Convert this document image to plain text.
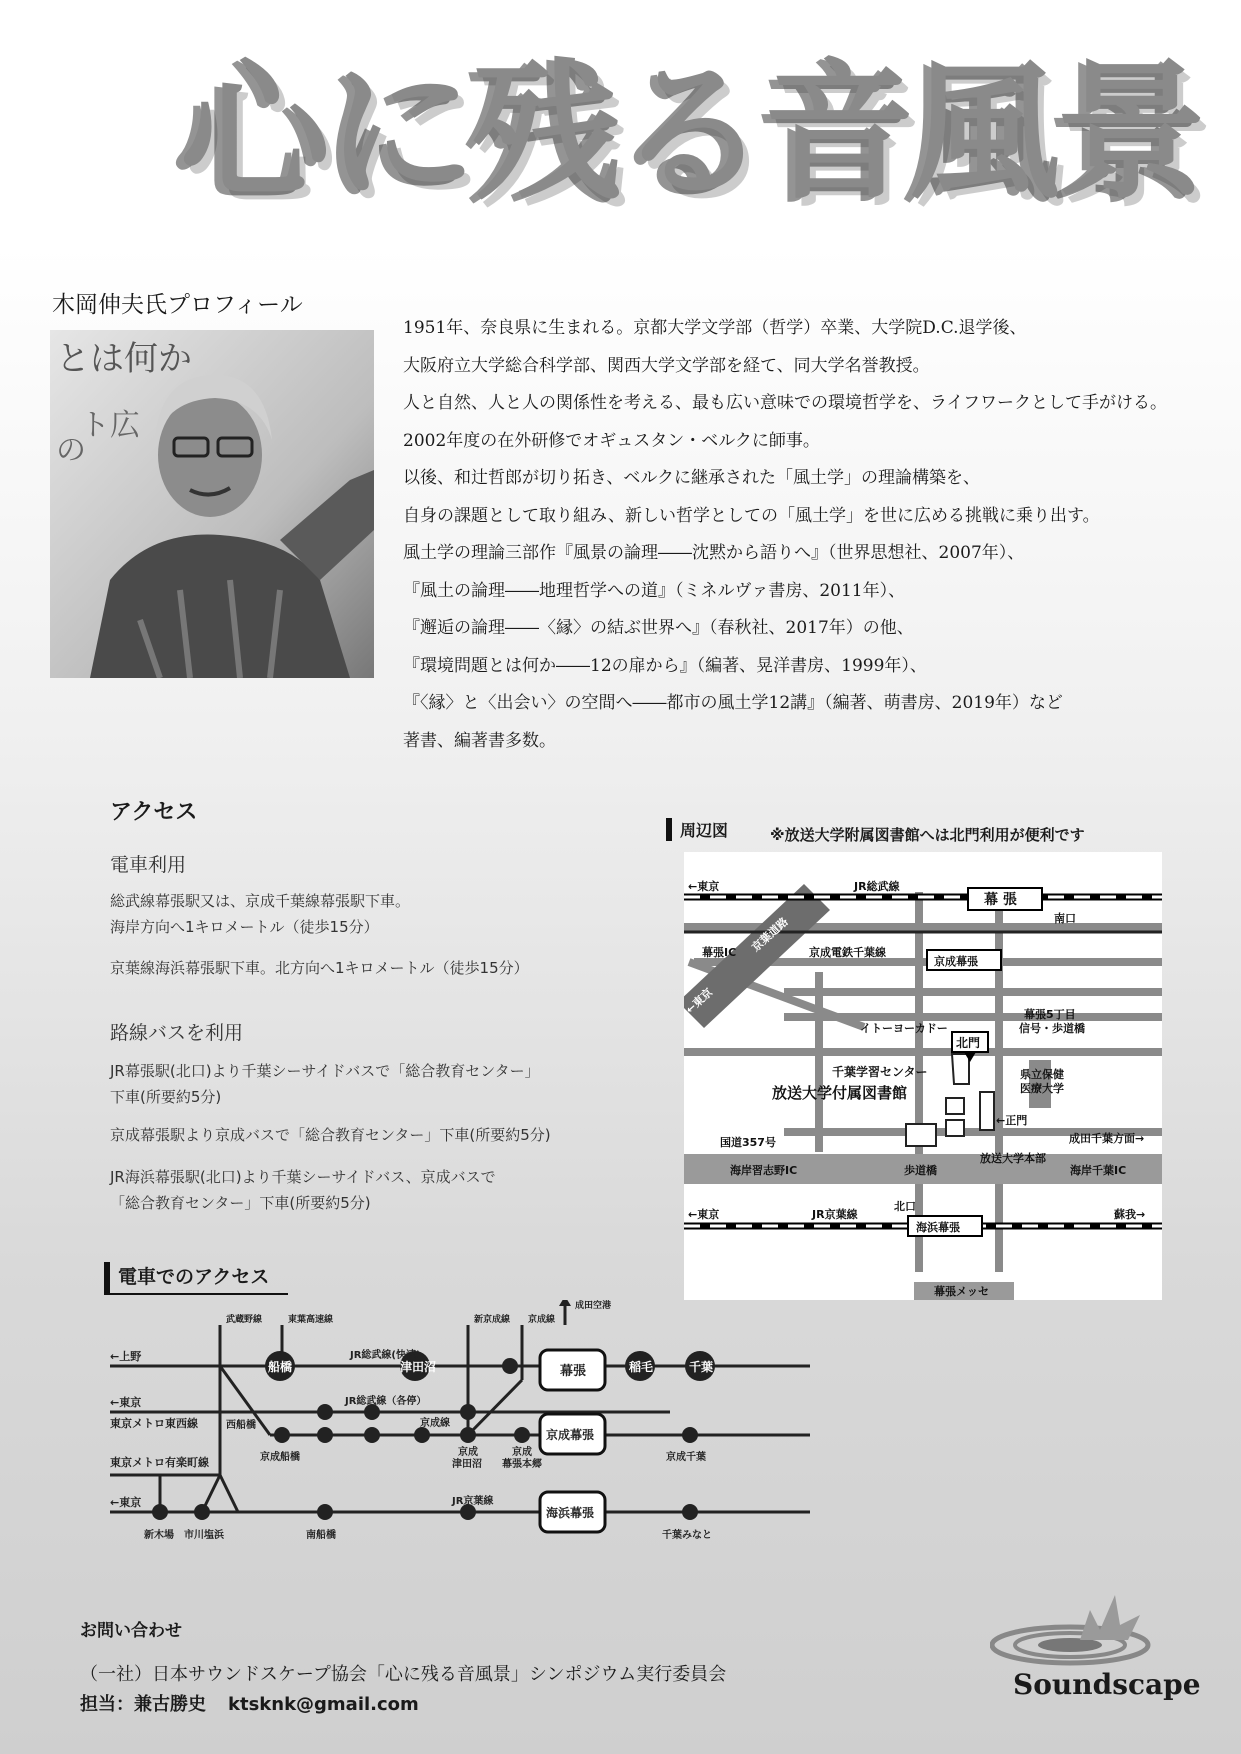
心に残る音風景
木岡伸夫氏プロフィール
とは何か
ト広
の
1951年、奈良県に生まれる。京都大学文学部（哲学）卒業、大学院D.C.退学後、
大阪府立大学総合科学部、関西大学文学部を経て、同大学名誉教授。
人と自然、人と人の関係性を考える、最も広い意味での環境哲学を、ライフワークとして手がける。
2002年度の在外研修でオギュスタン・ベルクに師事。
以後、和辻哲郎が切り拓き、ベルクに継承された「風土学」の理論構築を、
自身の課題として取り組み、新しい哲学としての「風土学」を世に広める挑戦に乗り出す。
風土学の理論三部作『風景の論理――沈黙から語りへ』（世界思想社、2007年）、
『風土の論理――地理哲学への道』（ミネルヴァ書房、2011年）、
『邂逅の論理――〈縁〉の結ぶ世界へ』（春秋社、2017年）の他、
『環境問題とは何か――12の扉から』（編著、晃洋書房、1999年）、
『〈縁〉と〈出会い〉の空間へ――都市の風土学12講』（編著、萌書房、2019年）など
著書、編著書多数。
アクセス
電車利用
総武線幕張駅又は、京成千葉線幕張駅下車。
海岸方向へ1キロメートル（徒歩15分）
京葉線海浜幕張駅下車。北方向へ1キロメートル（徒歩15分）
路線バスを利用
JR幕張駅(北口)より千葉シーサイドバスで「総合教育センター」
下車(所要約5分)
京成幕張駅より京成バスで「総合教育センター」下車(所要約5分)
JR海浜幕張駅(北口)より千葉シーサイドバス、京成バスで
「総合教育センター」下車(所要約5分)
周辺図	※放送大学附属図書館へは北門利用が便利です
←東京	JR総武線
幕 張
南口
幕張IC 京葉道路 京成電鉄千葉線
京成幕張
←東京	幕張5丁目
信号・歩道橋
イトーヨーカドー
北門
千葉学習センター
放送大学付属図書館
県立保健
医療大学
←正門
国道357号	成田千葉方面→
放送大学本部
歩道橋
海岸習志野IC	海岸千葉IC
←東京	JR京葉線
北口
蘇我→
海浜幕張
幕張メッセ
電車でのアクセス
←上野
←東京
東京メトロ東西線
東京メトロ有楽町線
←東京
武蔵野線	東葉高速線	新京成線 京成線
成田空港
JR総武線(快速)
JR総武線（各停）
京成線
西船橋
船橋	津田沼	稲毛	千葉
幕張
京成幕張
海浜幕張
京成船橋	京成
津田沼
京成
幕張本郷
京成千葉
南船橋
新木場 市川塩浜
JR京葉線
千葉みなと
お問い合わせ
（一社）日本サウンドスケープ協会「心に残る音風景」シンポジウム実行委員会
担当：兼古勝史 ktsknk@gmail.com
Soundscape
